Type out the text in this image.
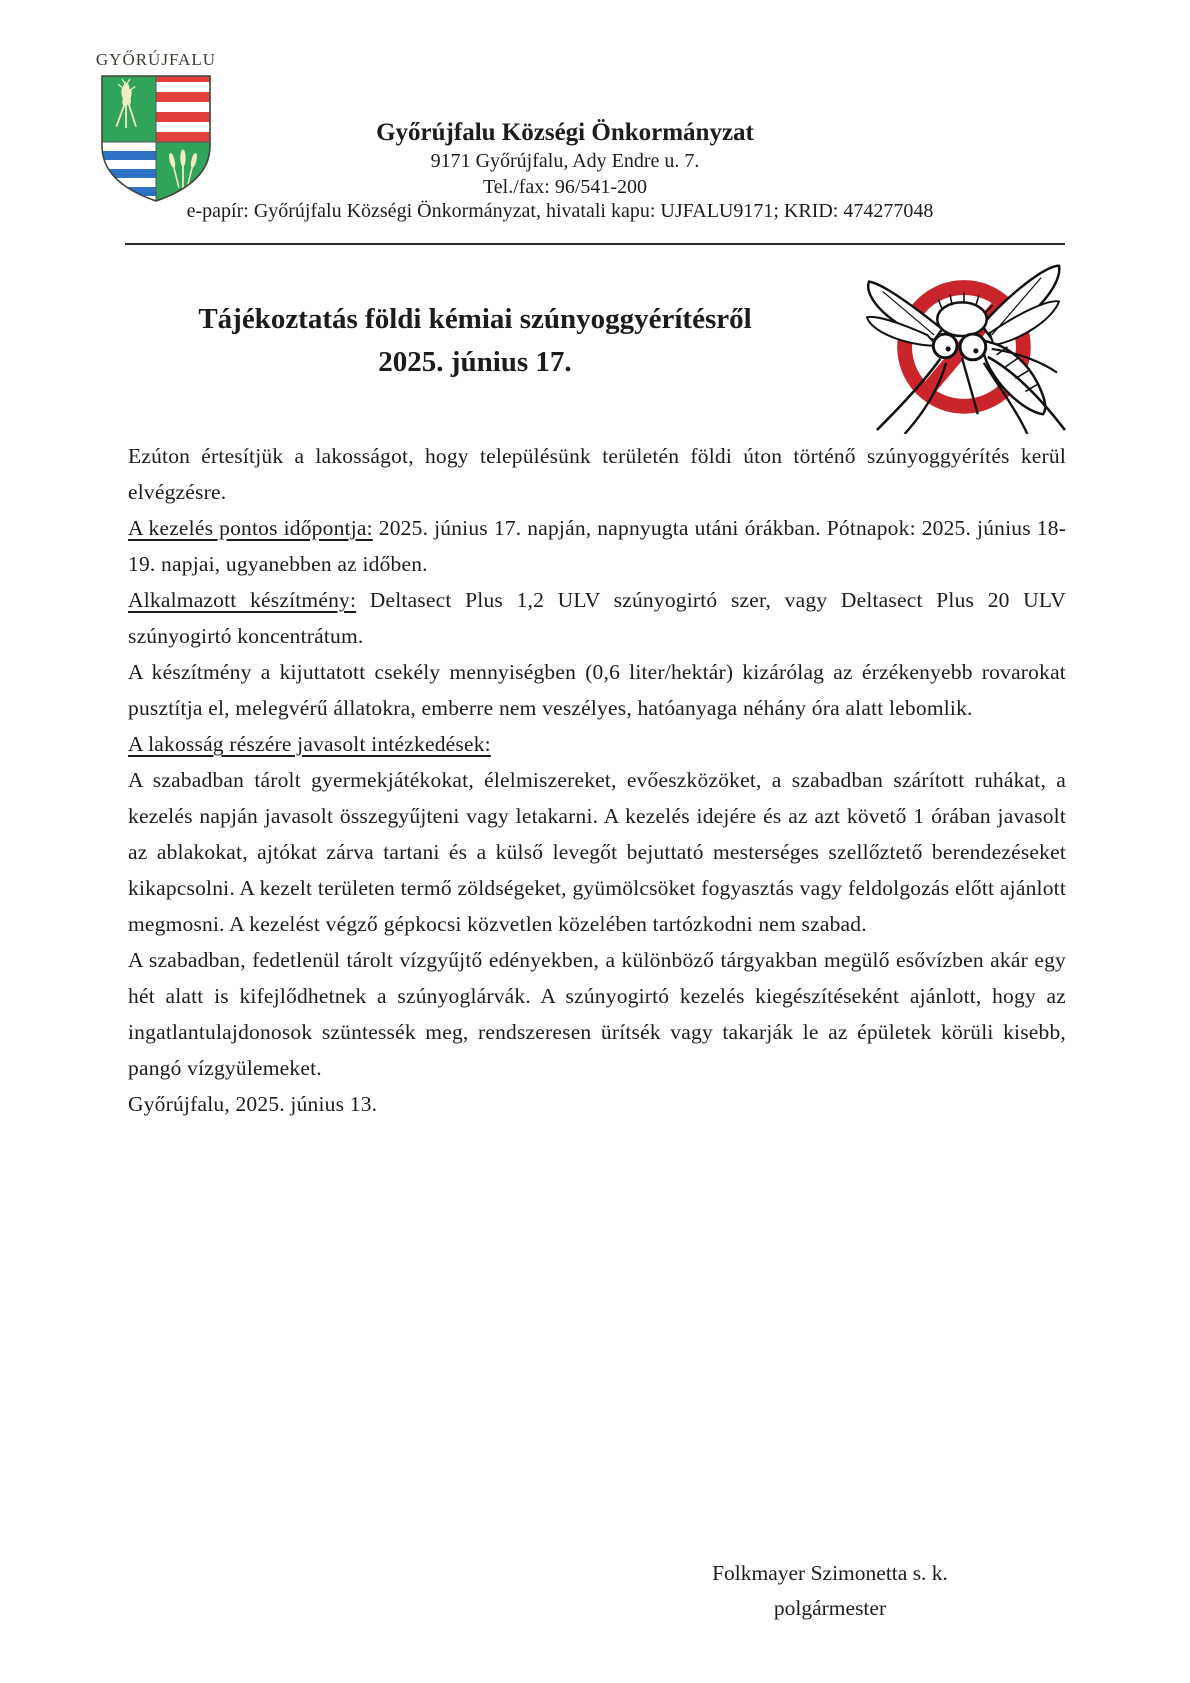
GYŐRÚJFALU
Győrújfalu Községi Önkormányzat
9171 Győrújfalu, Ady Endre u. 7.
Tel./fax: 96/541-200
e-papír: Győrújfalu Községi Önkormányzat, hivatali kapu: UJFALU9171; KRID: 474277048
Tájékoztatás földi kémiai szúnyoggyérítésről
2025. június 17.

Ezúton értesítjük a lakosságot, hogy településünk területén földi úton történő szúnyoggyérítés kerül elvégzésre.

A kezelés pontos időpontja: 2025. június 17. napján, napnyugta utáni órákban. Pótnapok: 2025. június 18-19. napjai, ugyanebben az időben.

Alkalmazott készítmény: Deltasect Plus 1,2 ULV szúnyogirtó szer, vagy Deltasect Plus 20 ULV szúnyogirtó koncentrátum.

A készítmény a kijuttatott csekély mennyiségben (0,6 liter/hektár) kizárólag az érzékenyebb rovarokat pusztítja el, melegvérű állatokra, emberre nem veszélyes, hatóanyaga néhány óra alatt lebomlik.

A lakosság részére javasolt intézkedések:

A szabadban tárolt gyermekjátékokat, élelmiszereket, evőeszközöket, a szabadban szárított ruhákat, a kezelés napján javasolt összegyűjteni vagy letakarni. A kezelés idejére és az azt követő 1 órában javasolt az ablakokat, ajtókat zárva tartani és a külső levegőt bejuttató mesterséges szellőztető berendezéseket kikapcsolni. A kezelt területen termő zöldségeket, gyümölcsöket fogyasztás vagy feldolgozás előtt ajánlott megmosni. A kezelést végző gépkocsi közvetlen közelében tartózkodni nem szabad.

A szabadban, fedetlenül tárolt vízgyűjtő edényekben, a különböző tárgyakban megülő esővízben akár egy hét alatt is kifejlődhetnek a szúnyoglárvák. A szúnyogirtó kezelés kiegészítéseként ajánlott, hogy az ingatlantulajdonosok szüntessék meg, rendszeresen ürítsék vagy takarják le az épületek körüli kisebb, pangó vízgyülemeket.

Győrújfalu, 2025. június 13.

Folkmayer Szimonetta s. k.
polgármester
